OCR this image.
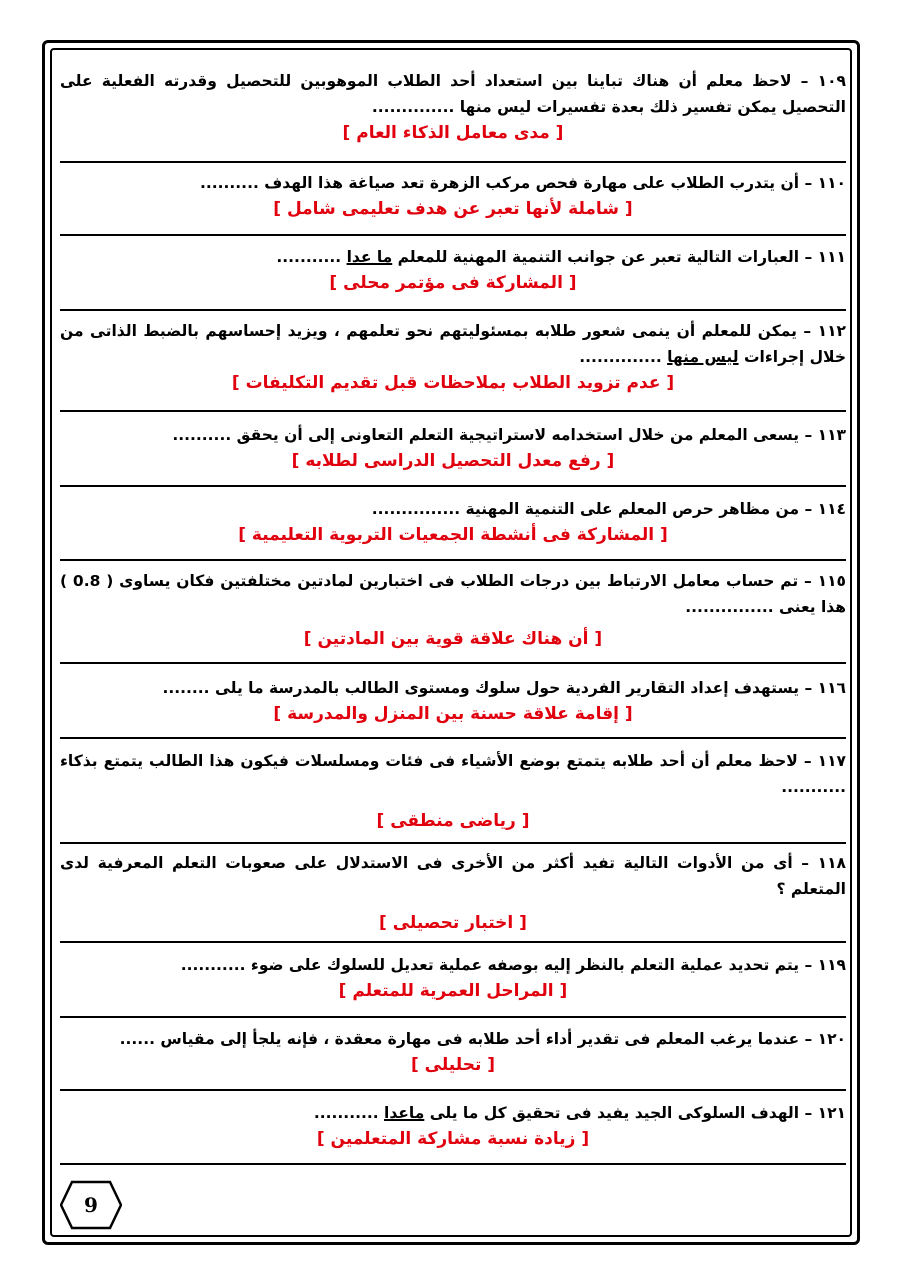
١٠٩ – لاحظ معلم أن هناك تباينا بين استعداد أحد الطلاب الموهوبين للتحصيل وقدرته الفعلية على التحصيل يمكن تفسير ذلك بعدة تفسيرات ليس منها ..............

[ مدى معامل الذكاء العام ]

١١٠ – أن يتدرب الطلاب على مهارة فحص مركب الزهرة تعد صياغة هذا الهدف ..........

[ شاملة لأنها تعبر عن هدف تعليمى شامل ]

١١١ – العبارات التالية تعبر عن جوانب التنمية المهنية للمعلم ما عدا ...........

[ المشاركة فى مؤتمر محلى ]

١١٢ – يمكن للمعلم أن ينمى شعور طلابه بمسئوليتهم نحو تعلمهم ، ويزيد إحساسهم بالضبط الذاتى من خلال إجراءات ليس منها ..............

[ عدم تزويد الطلاب بملاحظات قبل تقديم التكليفات ]

١١٣ – يسعى المعلم من خلال استخدامه لاستراتيجية التعلم التعاونى إلى أن يحقق ..........

[ رفع معدل التحصيل الدراسى لطلابه ]

١١٤ – من مظاهر حرص المعلم على التنمية المهنية ...............

[ المشاركة فى أنشطة الجمعيات التربوية التعليمية ]

١١٥ – تم حساب معامل الارتباط بين درجات الطلاب فى اختبارين لمادتين مختلفتين فكان يساوى ( 0.8 ) هذا يعنى ...............

[ أن هناك علاقة قوية بين المادتين ]

١١٦ – يستهدف إعداد التقارير الفردية حول سلوك ومستوى الطالب بالمدرسة ما يلى ........

[ إقامة علاقة حسنة بين المنزل والمدرسة ]

١١٧ – لاحظ معلم أن أحد طلابه يتمتع بوضع الأشياء فى فئات ومسلسلات فيكون هذا الطالب يتمتع بذكاء ...........

[ رياضى منطقى ]

١١٨ – أى من الأدوات التالية تفيد أكثر من الأخرى فى الاستدلال على صعوبات التعلم المعرفية لدى المتعلم ؟

[ اختبار تحصيلى ]

١١٩ – يتم تحديد عملية التعلم بالنظر إليه بوصفه عملية تعديل للسلوك على ضوء ...........

[ المراحل العمرية للمتعلم ]

١٢٠ – عندما يرغب المعلم فى تقدير أداء أحد طلابه فى مهارة معقدة ، فإنه يلجأ إلى مقياس ......

[ تحليلى ]

١٢١ – الهدف السلوكى الجيد يفيد فى تحقيق كل ما يلى ماعدا ...........

[ زيادة نسبة مشاركة المتعلمين ]

9
